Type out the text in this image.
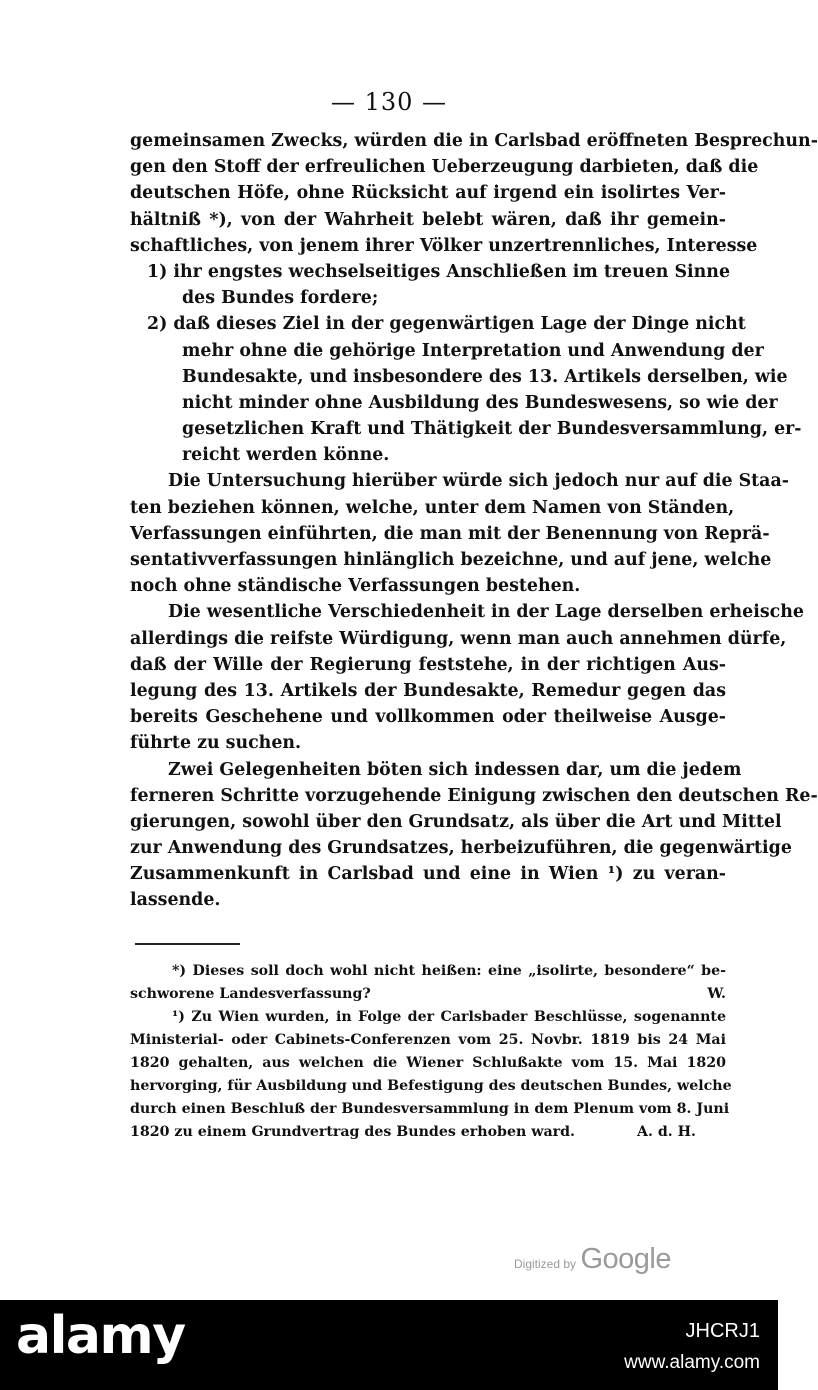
— 130 —
gemeinsamen Zwecks, würden die in Carlsbad eröffneten Besprechun-
gen den Stoff der erfreulichen Ueberzeugung darbieten, daß die
deutschen Höfe, ohne Rücksicht auf irgend ein isolirtes Ver-
hältniß *), von der Wahrheit belebt wären, daß ihr gemein-
schaftliches, von jenem ihrer Völker unzertrennliches, Interesse
1) ihr engstes wechselseitiges Anschließen im treuen Sinne
des Bundes fordere;
2) daß dieses Ziel in der gegenwärtigen Lage der Dinge nicht
mehr ohne die gehörige Interpretation und Anwendung der
Bundesakte, und insbesondere des 13. Artikels derselben, wie
nicht minder ohne Ausbildung des Bundeswesens, so wie der
gesetzlichen Kraft und Thätigkeit der Bundesversammlung, er-
reicht werden könne.
Die Untersuchung hierüber würde sich jedoch nur auf die Staa-
ten beziehen können, welche, unter dem Namen von Ständen,
Verfassungen einführten, die man mit der Benennung von Reprä-
sentativverfassungen hinlänglich bezeichne, und auf jene, welche
noch ohne ständische Verfassungen bestehen.
Die wesentliche Verschiedenheit in der Lage derselben erheische
allerdings die reifste Würdigung, wenn man auch annehmen dürfe,
daß der Wille der Regierung feststehe, in der richtigen Aus-
legung des 13. Artikels der Bundesakte, Remedur gegen das
bereits Geschehene und vollkommen oder theilweise Ausge-
führte zu suchen.
Zwei Gelegenheiten böten sich indessen dar, um die jedem
ferneren Schritte vorzugehende Einigung zwischen den deutschen Re-
gierungen, sowohl über den Grundsatz, als über die Art und Mittel
zur Anwendung des Grundsatzes, herbeizuführen, die gegenwärtige
Zusammenkunft in Carlsbad und eine in Wien ¹) zu veran-
lassende.
*) Dieses soll doch wohl nicht heißen: eine „isolirte, besondere“ be-
schworene Landesverfassung?	W.
¹) Zu Wien wurden, in Folge der Carlsbader Beschlüsse, sogenannte
Ministerial- oder Cabinets-Conferenzen vom 25. Novbr. 1819 bis 24 Mai
1820 gehalten, aus welchen die Wiener Schlußakte vom 15. Mai 1820
hervorging, für Ausbildung und Befestigung des deutschen Bundes, welche
durch einen Beschluß der Bundesversammlung in dem Plenum vom 8. Juni
1820 zu einem Grundvertrag des Bundes erhoben ward.	A. d. H.
Digitized by Google
alamy	JHCRJ1
www.alamy.com
